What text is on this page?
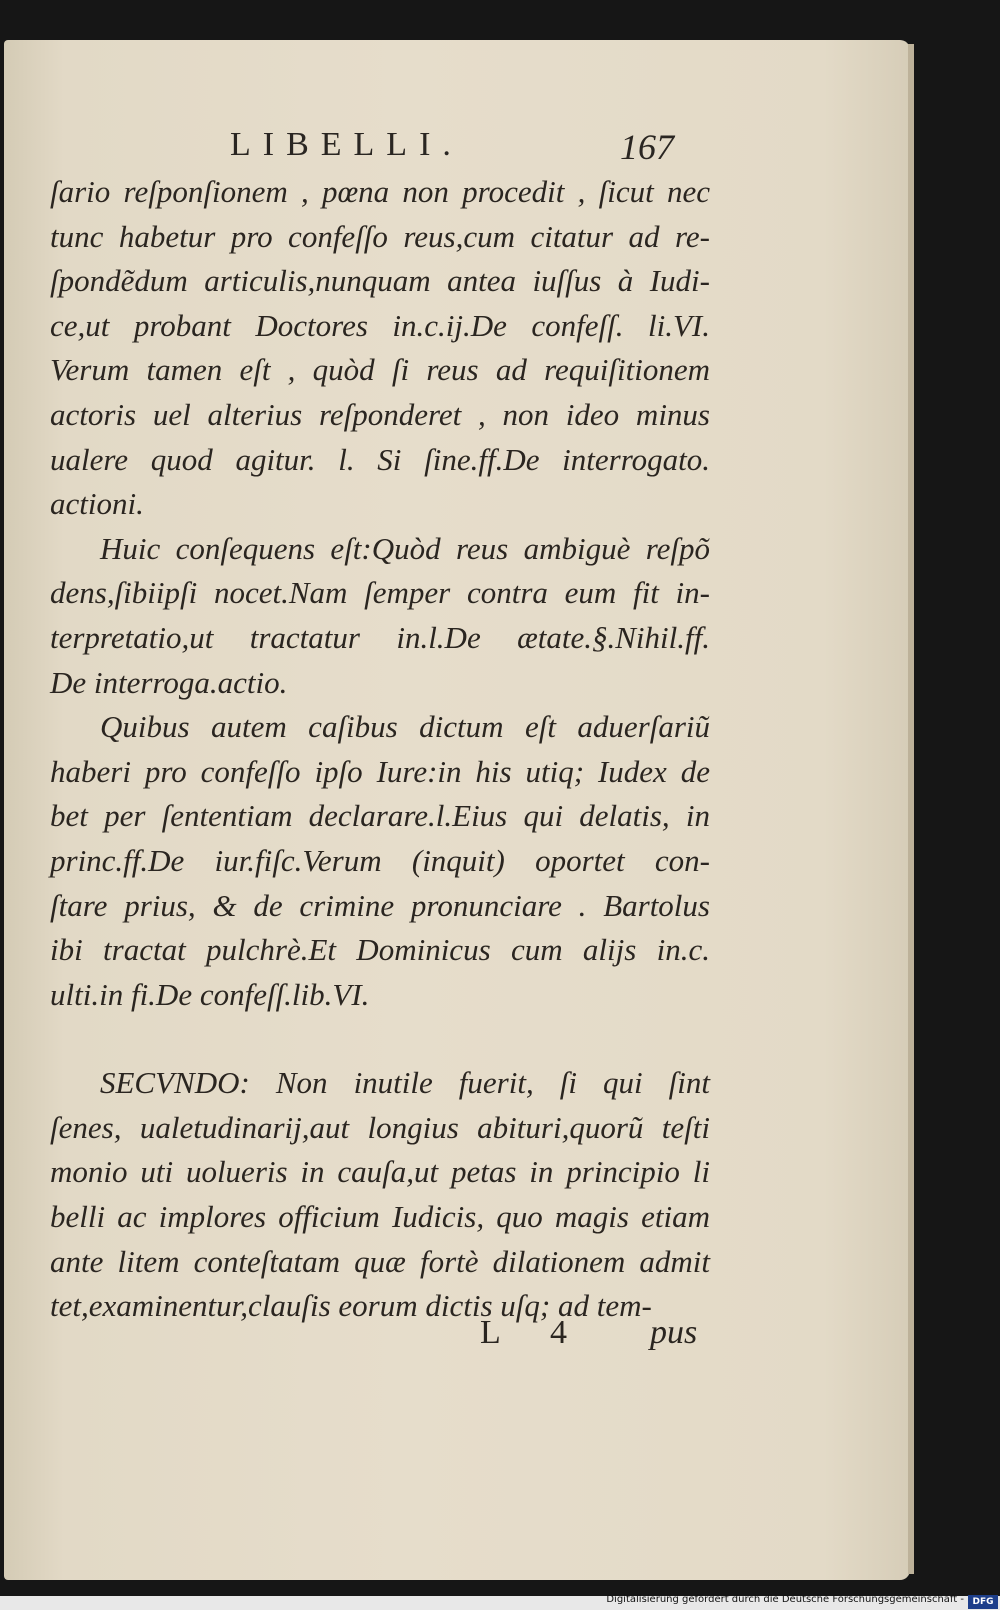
LIBELLI.	167
ſario reſponſionem , pœna non procedit , ſicut nec
tunc habetur pro confeſſo reus,cum citatur ad re-
ſpondẽdum articulis,nunquam antea iuſſus à Iudi-
ce,ut probant Doctores in.c.ij.De confeſſ. li.VI.
Verum tamen eſt , quòd ſi reus ad requiſitionem
actoris uel alterius reſponderet , non ideo minus
ualere quod agitur. l. Si ſine.ff.De interrogato.
actioni.
Huic conſequens eſt:Quòd reus ambiguè reſpõ
dens,ſibiipſi nocet.Nam ſemper contra eum fit in-
terpretatio,ut tractatur in.l.De ætate.§.Nihil.ff.
De interroga.actio.
Quibus autem caſibus dictum eſt aduerſariũ
haberi pro confeſſo ipſo Iure:in his utiq; Iudex de
bet per ſententiam declarare.l.Eius qui delatis, in
princ.ff.De iur.fiſc.Verum (inquit) oportet con-
ſtare prius, & de crimine pronunciare . Bartolus
ibi tractat pulchrè.Et Dominicus cum alijs in.c.
ulti.in fi.De confeſſ.lib.VI.
SECVNDO: Non inutile fuerit, ſi qui ſint
ſenes, ualetudinarij,aut longius abituri,quorũ teſti
monio uti uolueris in cauſa,ut petas in principio li
belli ac implores officium Iudicis, quo magis etiam
ante litem conteſtatam quæ fortè dilationem admit
tet,examinentur,clauſis eorum dictis uſq; ad tem-
L 4 pus
Digitalisierung gefördert durch die Deutsche Forschungsgemeinschaft - DFG
